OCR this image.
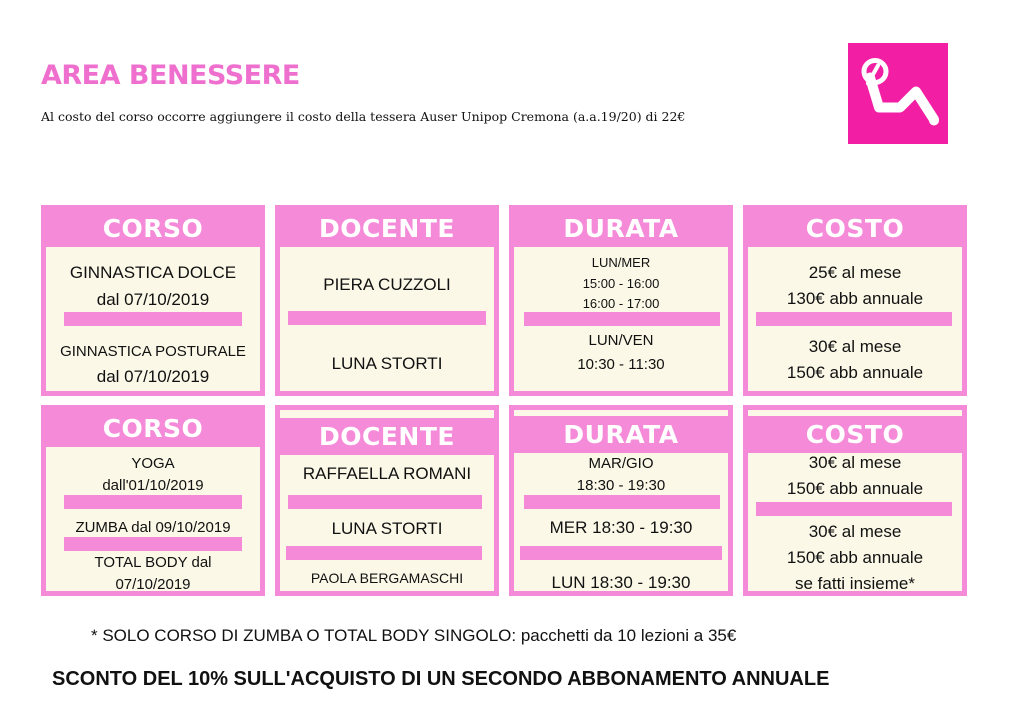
AREA BENESSERE

Al costo del corso occorre aggiungere il costo della tessera Auser Unipop Cremona (a.a.19/20) di 22€

CORSO
GINNASTICA DOLCE
dal 07/10/2019
GINNASTICA POSTURALE
dal 07/10/2019
DOCENTE
PIERA CUZZOLI
LUNA STORTI
DURATA
LUN/MER
15:00 - 16:00
16:00 - 17:00
LUN/VEN
10:30 - 11:30
COSTO
25€ al mese
130€ abb annuale
30€ al mese
150€ abb annuale
CORSO
YOGA
dall'01/10/2019
ZUMBA dal 09/10/2019
TOTAL BODY dal
07/10/2019
DOCENTE
RAFFAELLA ROMANI
LUNA STORTI
PAOLA BERGAMASCHI
DURATA
MAR/GIO
18:30 - 19:30
MER 18:30 - 19:30
LUN 18:30 - 19:30
COSTO
30€ al mese
150€ abb annuale
30€ al mese
150€ abb annuale
se fatti insieme*

* SOLO CORSO DI ZUMBA O TOTAL BODY SINGOLO: pacchetti da 10 lezioni a 35€

SCONTO DEL 10% SULL'ACQUISTO DI UN SECONDO ABBONAMENTO ANNUALE
